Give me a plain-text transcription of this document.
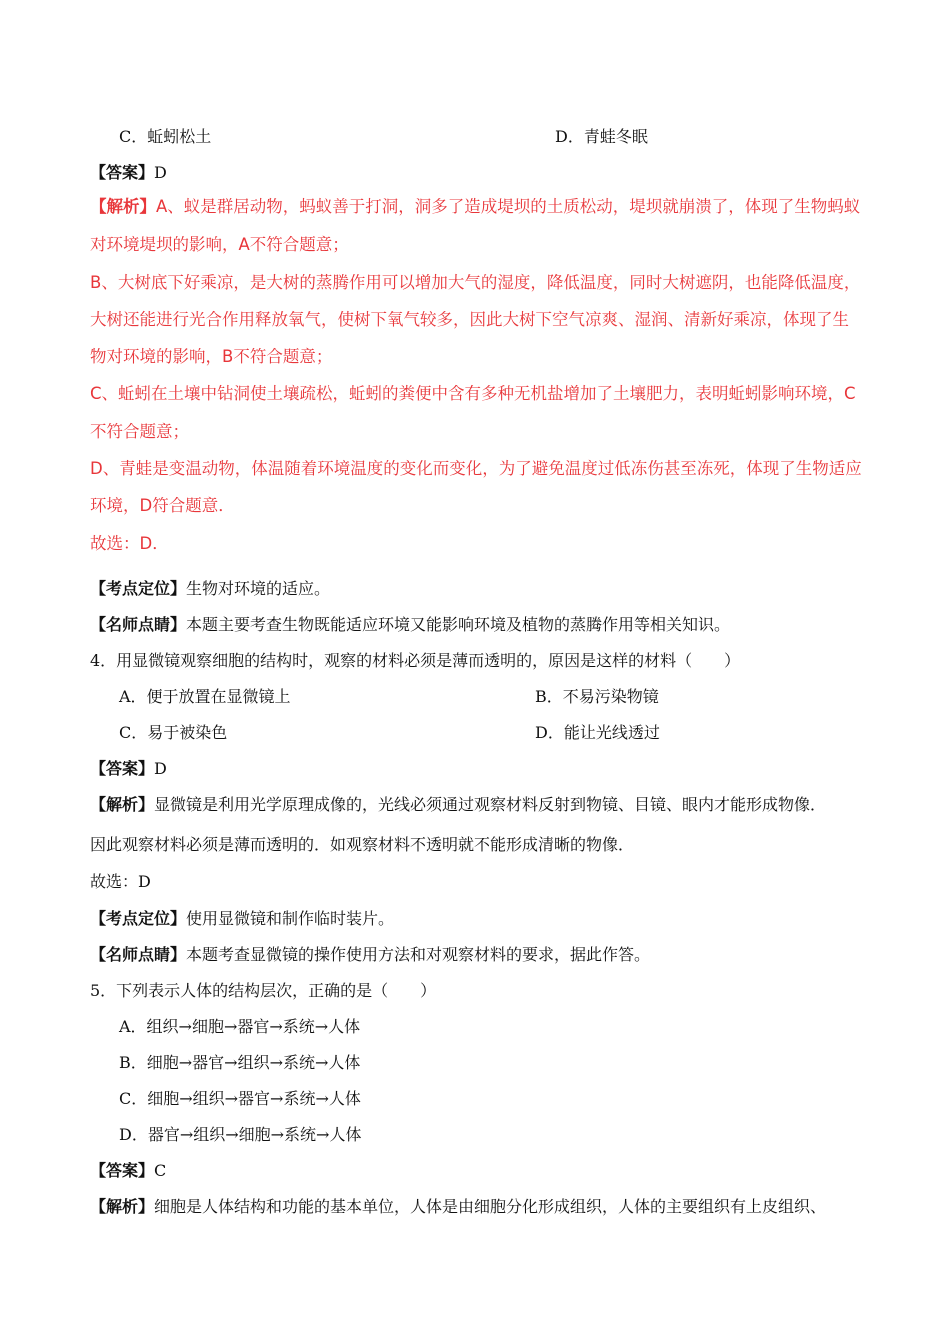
C．蚯蚓松土	D．青蛙冬眠
【答案】D
【解析】A、蚁是群居动物，蚂蚁善于打洞，洞多了造成堤坝的土质松动，堤坝就崩溃了，体现了生物蚂蚁
对环境堤坝的影响，A不符合题意；
B、大树底下好乘凉，是大树的蒸腾作用可以增加大气的湿度，降低温度，同时大树遮阴，也能降低温度，
大树还能进行光合作用释放氧气，使树下氧气较多，因此大树下空气凉爽、湿润、清新好乘凉，体现了生
物对环境的影响，B不符合题意；
C、蚯蚓在土壤中钻洞使土壤疏松，蚯蚓的粪便中含有多种无机盐增加了土壤肥力，表明蚯蚓影响环境，C
不符合题意；
D、青蛙是变温动物，体温随着环境温度的变化而变化，为了避免温度过低冻伤甚至冻死，体现了生物适应
环境，D符合题意．
故选：D．
【考点定位】生物对环境的适应。
【名师点睛】本题主要考查生物既能适应环境又能影响环境及植物的蒸腾作用等相关知识。
4．用显微镜观察细胞的结构时，观察的材料必须是薄而透明的，原因是这样的材料（　　）
A．便于放置在显微镜上	B．不易污染物镜
C．易于被染色	D．能让光线透过
【答案】D
【解析】显微镜是利用光学原理成像的，光线必须通过观察材料反射到物镜、目镜、眼内才能形成物像．
因此观察材料必须是薄而透明的．如观察材料不透明就不能形成清晰的物像．
故选：D
【考点定位】使用显微镜和制作临时装片。
【名师点睛】本题考查显微镜的操作使用方法和对观察材料的要求，据此作答。
5．下列表示人体的结构层次，正确的是（　　）
A．组织→细胞→器官→系统→人体
B．细胞→器官→组织→系统→人体
C．细胞→组织→器官→系统→人体
D．器官→组织→细胞→系统→人体
【答案】C
【解析】细胞是人体结构和功能的基本单位，人体是由细胞分化形成组织，人体的主要组织有上皮组织、
